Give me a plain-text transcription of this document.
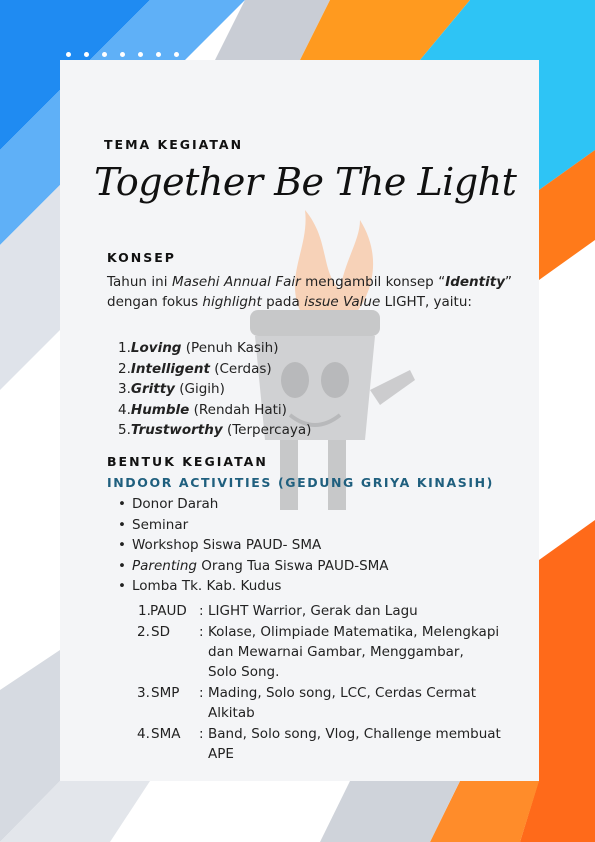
TEMA KEGIATAN
Together Be The Light
KONSEP
Tahun ini Masehi Annual Fair mengambil konsep “Identity” dengan fokus highlight pada issue Value LIGHT, yaitu:
1.Loving (Penuh Kasih)
2.Intelligent (Cerdas)
3.Gritty (Gigih)
4.Humble (Rendah Hati)
5.Trustworthy (Terpercaya)
BENTUK KEGIATAN
INDOOR ACTIVITIES (GEDUNG GRIYA KINASIH)
• Donor Darah
• Seminar
• Workshop Siswa PAUD- SMA
• Parenting Orang Tua Siswa PAUD-SMA
• Lomba Tk. Kab. Kudus
1. PAUD : LIGHT Warrior, Gerak dan Lagu
2. SD : Kolase, Olimpiade Matematika, Melengkapi
dan Mewarnai Gambar, Menggambar,
Solo Song.
3. SMP : Mading, Solo song, LCC, Cerdas Cermat
Alkitab
4. SMA : Band, Solo song, Vlog, Challenge membuat
APE
